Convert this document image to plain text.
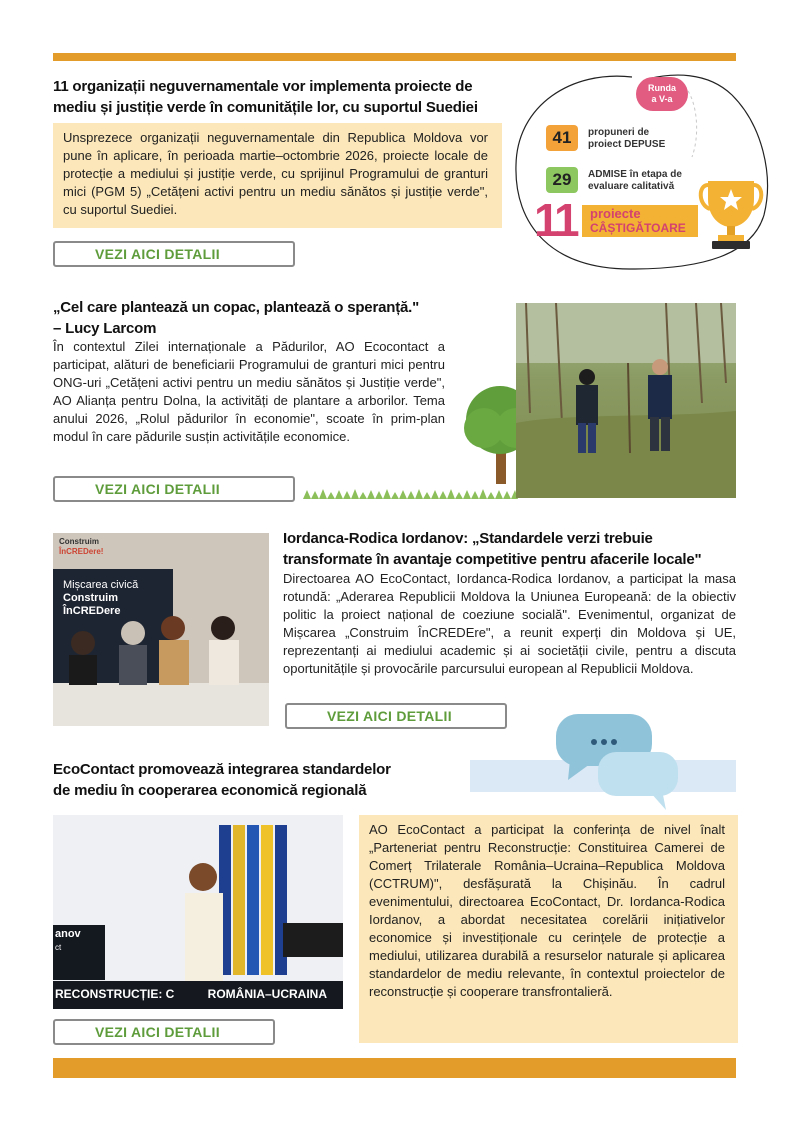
11 organizații neguvernamentale vor implementa proiecte de mediu și justiție verde în comunitățile lor, cu suportul Suediei
Unsprezece organizații neguvernamentale din Republica Moldova vor pune în aplicare, în perioada martie–octombrie 2026, proiecte locale de protecție a mediului și justiție verde, cu sprijinul Programului de granturi mici (PGM 5) „Cetățeni activi pentru un mediu sănătos și justiție verde", cu suportul Suediei.
VEZI AICI DETALII
Runda
a V-a
41	propuneri de
proiect DEPUSE
29	ADMISE în etapa de
evaluare calitativă
11 proiecte
CÂȘTIGĂTOARE
„Cel care plantează un copac, plantează o speranță."
– Lucy Larcom
În contextul Zilei internaționale a Pădurilor, AO Ecocontact a participat, alături de beneficiarii Programului de granturi mici pentru ONG-uri „Cetățeni activi pentru un mediu sănătos și Justiție verde", AO Alianța pentru Dolna, la activități de plantare a arborilor. Tema anului 2026, „Rolul pădurilor în economie", scoate în prim-plan modul în care pădurile susțin activitățile economice.
VEZI AICI DETALII
Construim
ÎnCREDere!
Mișcarea civică
Construim
ÎnCREDere
Iordanca-Rodica Iordanov: „Standardele verzi trebuie transformate în avantaje competitive pentru afacerile locale"
Directoarea AO EcoContact, Iordanca-Rodica Iordanov, a participat la masa rotundă: „Aderarea Republicii Moldova la Uniunea Europeană: de la obiectiv politic la proiect național de coeziune socială". Evenimentul, organizat de Mișcarea „Construim ÎnCREDEre", a reunit experți din Moldova și UE, reprezentanți ai mediului academic și ai societății civile, pentru a discuta oportunitățile și provocările parcursului european al Republicii Moldova.
VEZI AICI DETALII
EcoContact promovează integrarea standardelor
de mediu în cooperarea economică regională
anov
ct
RECONSTRUCȚIE: C          ROMÂNIA–UCRAINA
VEZI AICI DETALII
AO EcoContact a participat la conferința de nivel înalt „Parteneriat pentru Reconstrucție: Constituirea Camerei de Comerț Trilaterale România–Ucraina–Republica Moldova (CCTRUM)", desfășurată la Chișinău. În cadrul evenimentului, directoarea EcoContact, Dr. Iordanca-Rodica Iordanov, a abordat necesitatea corelării inițiativelor economice și investiționale cu cerințele de protecție a mediului, utilizarea durabilă a resurselor naturale și aplicarea standardelor de mediu relevante, în contextul proiectelor de reconstrucție și cooperare transfrontalieră.
